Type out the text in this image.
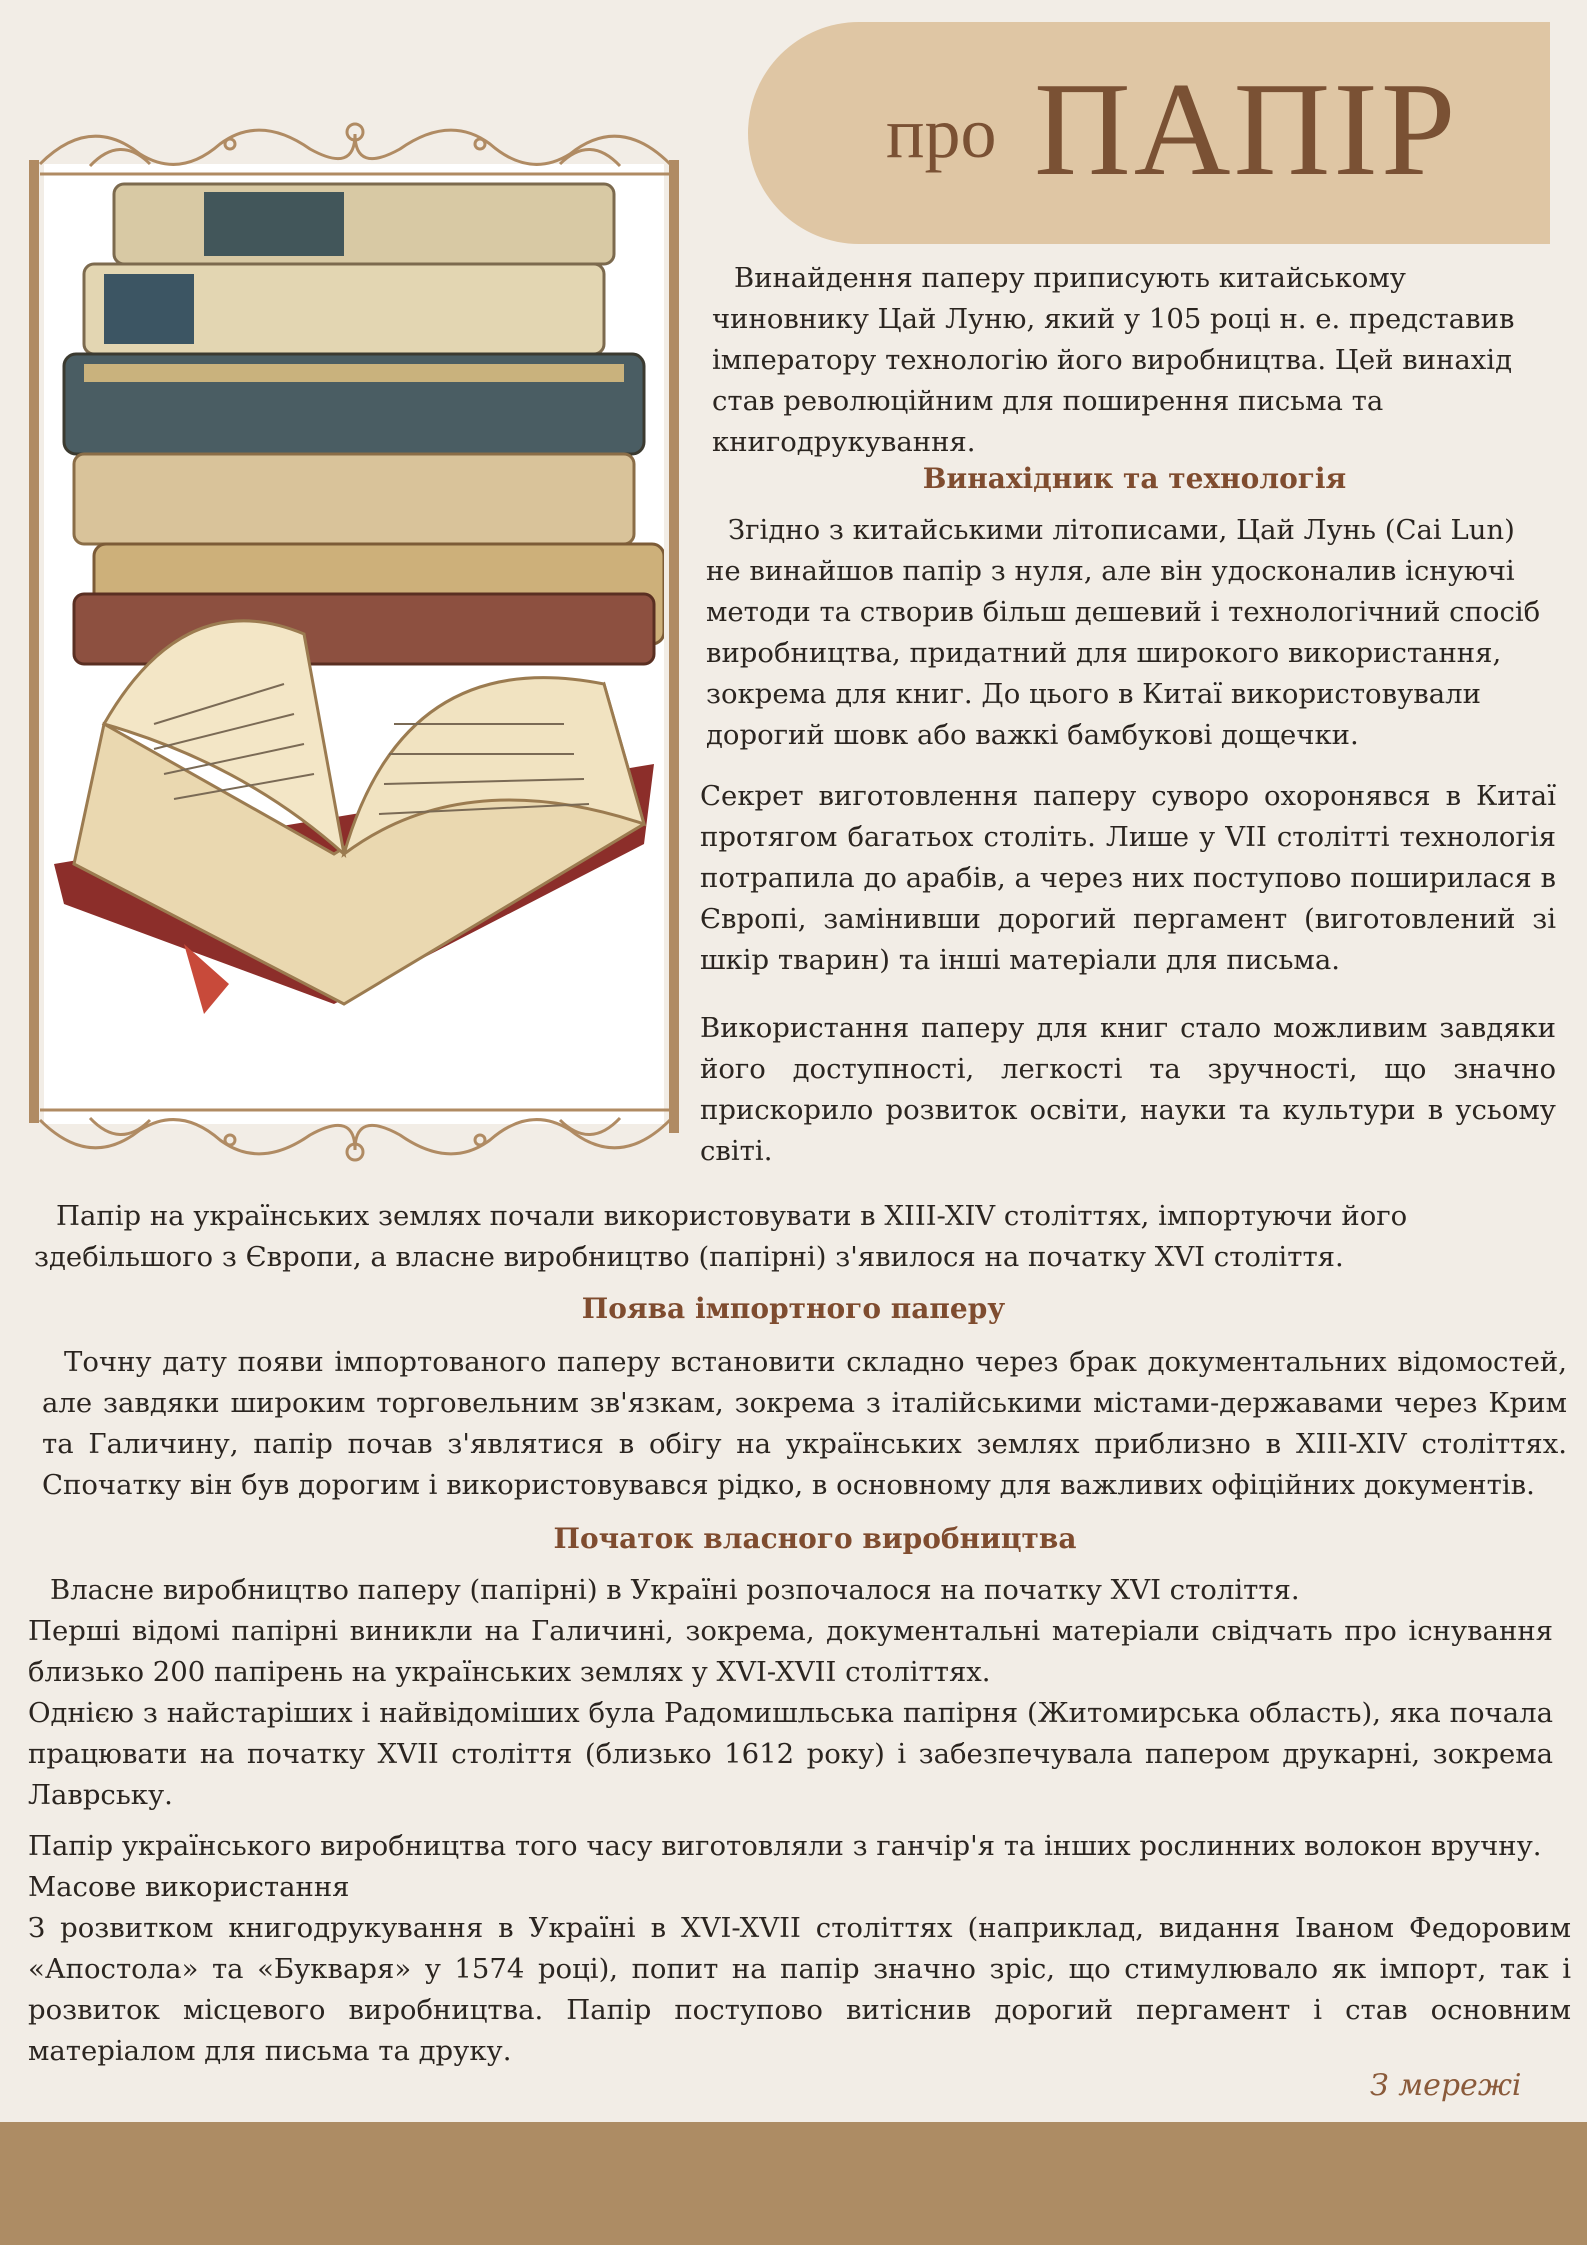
про ПАПІР
Винайдення паперу приписують китайському чиновнику Цай Луню, який у 105 році н. е. представив імператору технологію його виробництва. Цей винахід став революційним для поширення письма та книгодрукування.
Винахідник та технологія
Згідно з китайськими літописами, Цай Лунь (Cai Lun) не винайшов папір з нуля, але він удосконалив існуючі методи та створив більш дешевий і технологічний спосіб виробництва, придатний для широкого використання, зокрема для книг. До цього в Китаї використовували дорогий шовк або важкі бамбукові дощечки.
Секрет виготовлення паперу суворо охоронявся в Китаї протягом багатьох століть. Лише у VII столітті технологія потрапила до арабів, а через них поступово поширилася в Європі, замінивши дорогий пергамент (виготовлений зі шкір тварин) та інші матеріали для письма.
Використання паперу для книг стало можливим завдяки його доступності, легкості та зручності, що значно прискорило розвиток освіти, науки та культури в усьому світі.
Папір на українських землях почали використовувати в XIII-XIV століттях, імпортуючи його здебільшого з Європи, а власне виробництво (папірні) з'явилося на початку XVI століття.
Поява імпортного паперу
Точну дату появи імпортованого паперу встановити складно через брак документальних відомостей, але завдяки широким торговельним зв'язкам, зокрема з італійськими містами-державами через Крим та Галичину, папір почав з'являтися в обігу на українських землях приблизно в XIII-XIV століттях. Спочатку він був дорогим і використовувався рідко, в основному для важливих офіційних документів.
Початок власного виробництва

Власне виробництво паперу (папірні) в Україні розпочалося на початку XVI століття.

Перші відомі папірні виникли на Галичині, зокрема, документальні матеріали свідчать про існування близько 200 папірень на українських землях у XVI-XVII століттях.

Однією з найстаріших і найвідоміших була Радомишльська папірня (Житомирська область), яка почала працювати на початку XVII століття (близько 1612 року) і забезпечувала папером друкарні, зокрема Лаврську.

Папір українського виробництва того часу виготовляли з ганчір'я та інших рослинних волокон вручну.

Масове використання

З розвитком книгодрукування в Україні в XVI-XVII століттях (наприклад, видання Іваном Федоровим «Апостола» та «Букваря» у 1574 році), попит на папір значно зріс, що стимулювало як імпорт, так і розвиток місцевого виробництва. Папір поступово витіснив дорогий пергамент і став основним матеріалом для письма та друку.

З мережі
